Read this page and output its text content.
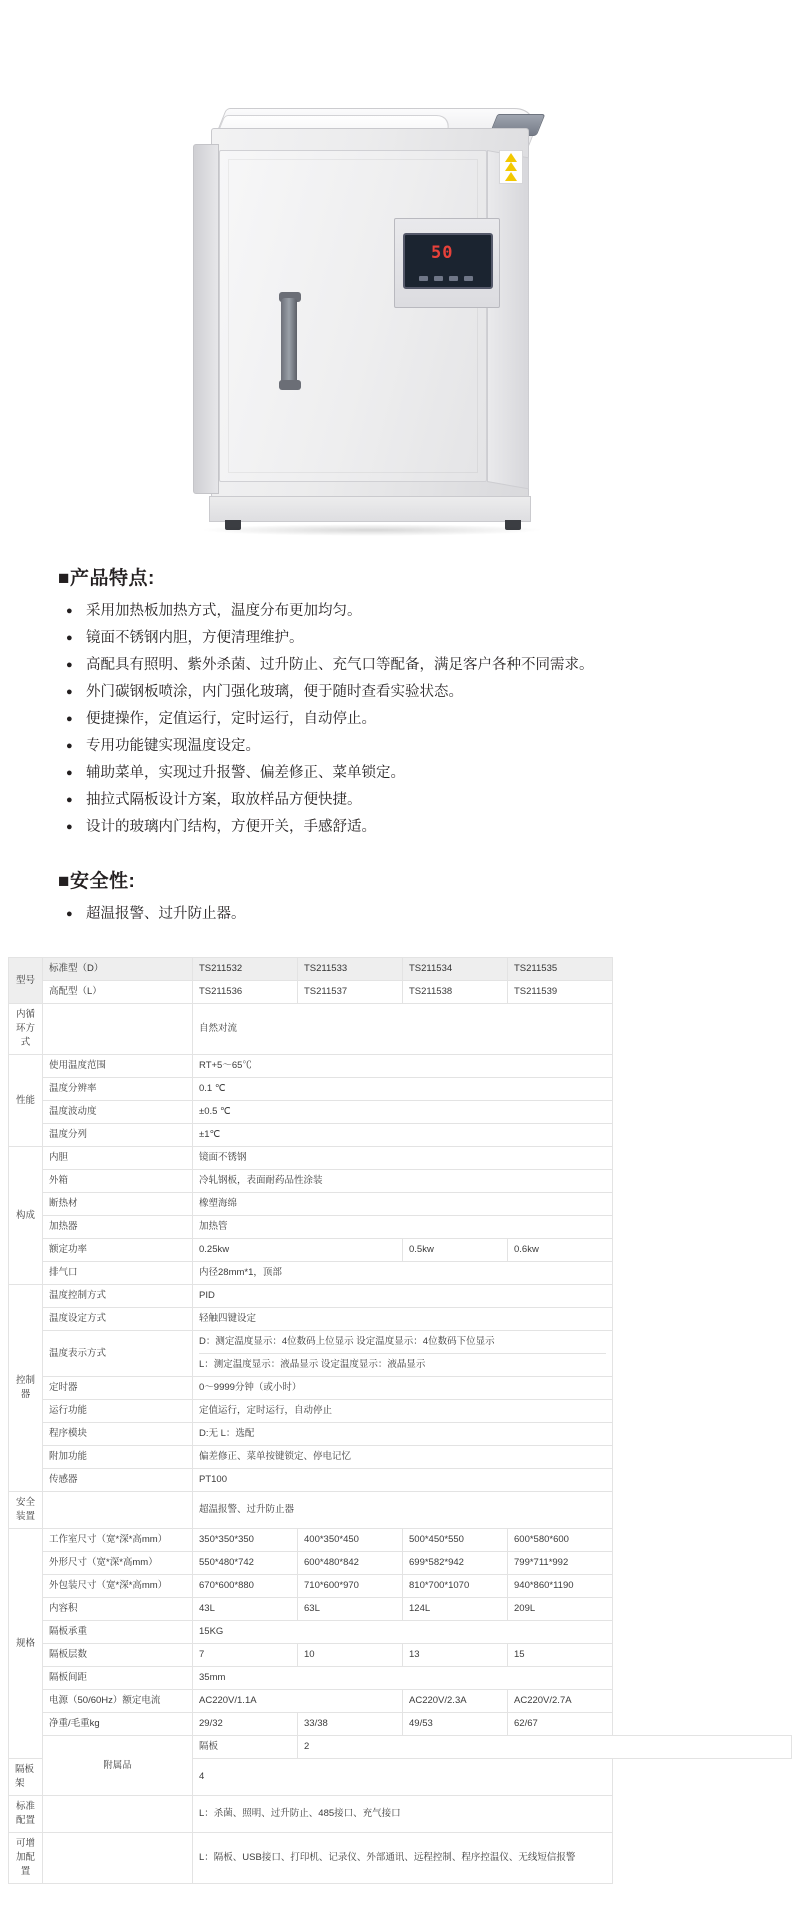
50
■产品特点:
● 采用加热板加热方式，温度分布更加均匀。
● 镜面不锈钢内胆，方便清理维护。
● 高配具有照明、紫外杀菌、过升防止、充气口等配备，满足客户各种不同需求。
● 外门碳钢板喷涂，内门强化玻璃，便于随时查看实验状态。
● 便捷操作，定值运行，定时运行，自动停止。
● 专用功能键实现温度设定。
● 辅助菜单，实现过升报警、偏差修正、菜单锁定。
● 抽拉式隔板设计方案，取放样品方便快捷。
● 设计的玻璃内门结构，方便开关，手感舒适。
■安全性:
● 超温报警、过升防止器。
型号	标准型（D）	TS211532	TS211533	TS211534	TS211535
	高配型（L）	TS211536	TS211537	TS211538	TS211539
内循环方式		自然对流			
性能	使用温度范围	RT+5～65℃			
	温度分辨率	0.1 ℃			
	温度波动度	±0.5 ℃			
	温度分列	±1℃			
构成	内胆	镜面不锈钢			
	外箱	冷轧钢板，表面耐药品性涂装			
	断热材	橡塑海绵			
	加热器	加热管			
	额定功率	0.25kw		0.5kw	0.6kw
	排气口	内径28mm*1，顶部			
控制器	温度控制方式	PID			
	温度设定方式	轻触四键设定			
	温度表示方式	D：测定温度显示：4位数码上位显示 设定温度显示：4位数码下位显示
L：测定温度显示：液晶显示 设定温度显示：液晶显示			

	定时器	0～9999分钟（或小时）			
	运行功能	定值运行，定时运行，自动停止			
	程序模块	D:无 L：选配			
	附加功能	偏差修正、菜单按键锁定、停电记忆			
	传感器	PT100			
安全装置		超温报警、过升防止器			
规格	工作室尺寸（宽*深*高mm）	350*350*350	400*350*450	500*450*550	600*580*600
	外形尺寸（宽*深*高mm）	550*480*742	600*480*842	699*582*942	799*711*992
	外包装尺寸（宽*深*高mm）	670*600*880	710*600*970	810*700*1070	940*860*1190
	内容积	43L	63L	124L	209L
	隔板承重	15KG			
	隔板层数	7	10	13	15
	隔板间距	35mm			
	电源（50/60Hz）额定电流	AC220V/1.1A		AC220V/2.3A	AC220V/2.7A
	净重/毛重kg	29/32	33/38	49/53	62/67
	附属品	隔板	2		
隔板架		4			
标准配置		L：杀菌、照明、过升防止、485接口、充气接口			
可增加配置		L：隔板、USB接口、打印机、记录仪、外部通讯、远程控制、程序控温仪、无线短信报警			
